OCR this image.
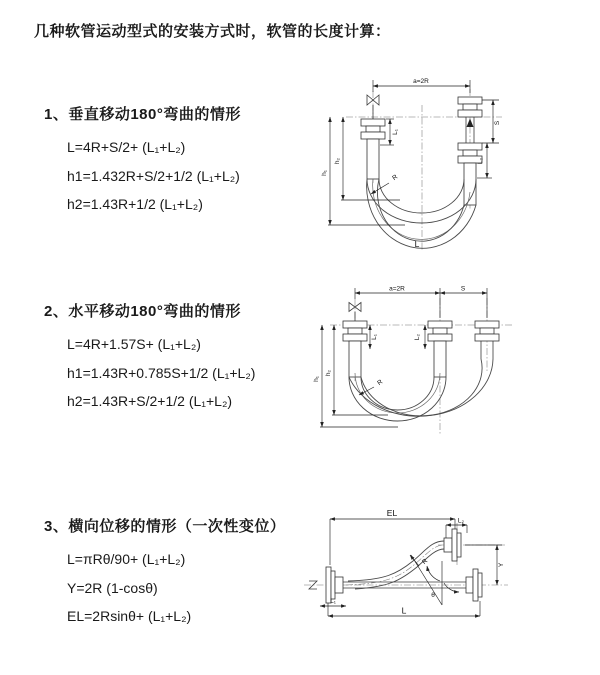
几种软管运动型式的安装方式时，软管的长度计算：
1、垂直移动180°弯曲的情形
L=4R+S/2+ (L₁+L₂)
h1=1.432R+S/2+1/2 (L₁+L₂)
h2=1.43R+1/2 (L₁+L₂)
2、水平移动180°弯曲的情形
L=4R+1.57S+ (L₁+L₂)
h1=1.43R+0.785S+1/2 (L₁+L₂)
h2=1.43R+S/2+1/2 (L₁+L₂)
3、横向位移的情形（一次性变位）
L=πRθ/90+ (L₁+L₂)
Y=2R (1-cosθ)
EL=2Rsinθ+ (L₁+L₂)
a=2R
S
L₂
L₁
h₂
h₁
R
L
a=2R	S
L₁	L₂
h₂
h₁	R
θ
EL
L₂
Y
L
L₁
R
